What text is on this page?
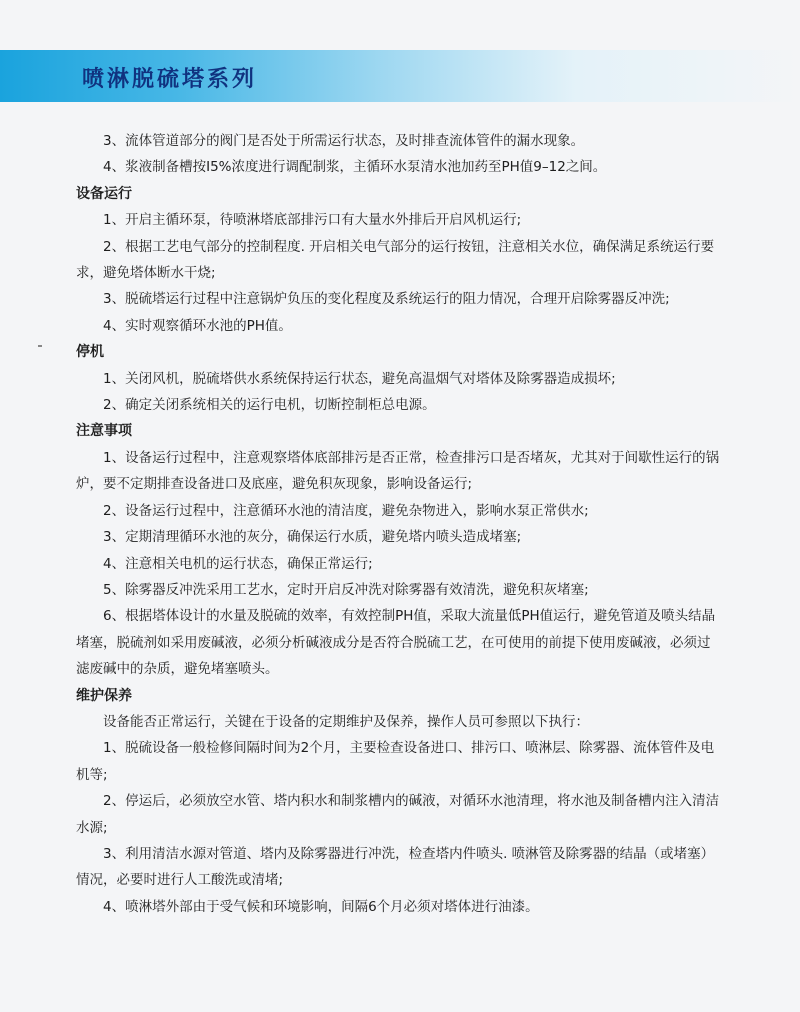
喷淋脱硫塔系列
3、流体管道部分的阀门是否处于所需运行状态，及时排查流体管件的漏水现象。
4、浆液制备槽按I5%浓度进行调配制浆，主循环水泵清水池加药至PH值9–12之间。
设备运行
1、开启主循环泵，待喷淋塔底部排污口有大量水外排后开启风机运行;
2、根据工艺电气部分的控制程度. 开启相关电气部分的运行按钮，注意相关水位，确保满足系统运行要
求，避免塔体断水干烧;
3、脱硫塔运行过程中注意锅炉负压的变化程度及系统运行的阻力情况，合理开启除雾器反冲洗;
4、实时观察循环水池的PH值。
停机
1、关闭风机，脱硫塔供水系统保持运行状态，避免高温烟气对塔体及除雾器造成损坏;
2、确定关闭系统相关的运行电机，切断控制柜总电源。
注意事项
1、设备运行过程中，注意观察塔体底部排污是否正常，检查排污口是否堵灰，尤其对于间歇性运行的锅
炉，要不定期排查设备进口及底座，避免积灰现象，影响设备运行;
2、设备运行过程中，注意循环水池的清洁度，避免杂物进入，影响水泵正常供水;
3、定期清理循环水池的灰分，确保运行水质，避免塔内喷头造成堵塞;
4、注意相关电机的运行状态，确保正常运行;
5、除雾器反冲洗采用工艺水，定时开启反冲洗对除雾器有效清洗，避免积灰堵塞;
6、根据塔体设计的水量及脱硫的效率，有效控制PH值，采取大流量低PH值运行，避免管道及喷头结晶
堵塞，脱硫剂如采用废碱液，必须分析碱液成分是否符合脱硫工艺，在可使用的前提下使用废碱液，必须过
滤废碱中的杂质，避免堵塞喷头。
维护保养
设备能否正常运行，关键在于设备的定期维护及保养，操作人员可参照以下执行：
1、脱硫设备一般检修间隔时间为2个月，主要检查设备进口、排污口、喷淋层、除雾器、流体管件及电
机等;
2、停运后，必须放空水管、塔内积水和制浆槽内的碱液，对循环水池清理，将水池及制备槽内注入清洁
水源;
3、利用清洁水源对管道、塔内及除雾器进行冲洗，检查塔内件喷头. 喷淋管及除雾器的结晶（或堵塞）
情况，必要时进行人工酸洗或清堵;
4、喷淋塔外部由于受气候和环境影响，间隔6个月必须对塔体进行油漆。
